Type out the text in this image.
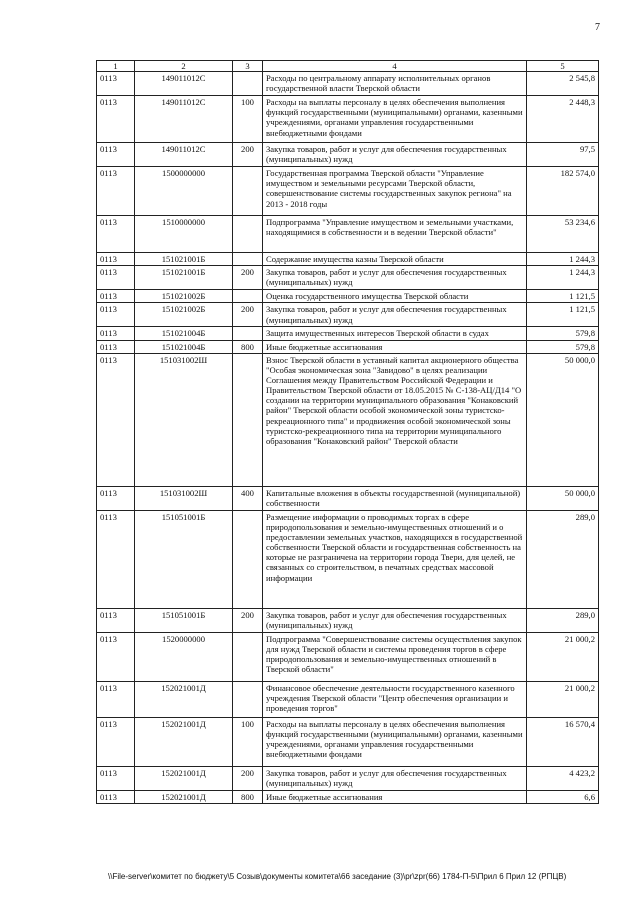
7
1	2	3	4	5
0113	149011012С		Расходы по центральному аппарату исполнительных органов государственной власти Тверской области	2 545,8
0113	149011012С	100	Расходы на выплаты персоналу в целях обеспечения выполнения функций государственными (муниципальными) органами, казенными учреждениями, органами управления государственными внебюджетными фондами	2 448,3
0113	149011012С	200	Закупка товаров, работ и услуг для обеспечения государственных (муниципальных) нужд	97,5
0113	1500000000		Государственная программа Тверской области "Управление имуществом и земельными ресурсами Тверской области, совершенствование системы государственных закупок региона" на 2013 - 2018 годы	182 574,0
0113	1510000000		Подпрограмма "Управление имуществом и земельными участками, находящимися в собственности и в ведении Тверской области"	53 234,6
0113	151021001Б		Содержание имущества казны Тверской области	1 244,3
0113	151021001Б	200	Закупка товаров, работ и услуг для обеспечения государственных (муниципальных) нужд	1 244,3
0113	151021002Б		Оценка государственного имущества Тверской области	1 121,5
0113	151021002Б	200	Закупка товаров, работ и услуг для обеспечения государственных (муниципальных) нужд	1 121,5
0113	151021004Б		Защита имущественных интересов Тверской области в судах	579,8
0113	151021004Б	800	Иные бюджетные ассигнования	579,8
0113	151031002Ш		Взнос Тверской области в уставный капитал акционерного общества "Особая экономическая зона "Завидово" в целях реализации Соглашения между Правительством Российской Федерации и Правительством Тверской области от 18.05.2015 № С-138-АЦ/Д14 "О создании на территории муниципального образования "Конаковский район" Тверской области особой экономической зоны туристско-рекреационного типа" и продвижения особой экономической зоны туристско-рекреационного типа на территории муниципального образования "Конаковский район" Тверской области	50 000,0
0113	151031002Ш	400	Капитальные вложения в объекты государственной (муниципальной) собственности	50 000,0
0113	151051001Б		Размещение информации о проводимых торгах в сфере природопользования и земельно-имущественных отношений и о предоставлении земельных участков, находящихся в государственной собственности Тверской области и государственная собственность на которые не разграничена на территории города Твери, для целей, не связанных со строительством, в печатных средствах массовой информации	289,0
0113	151051001Б	200	Закупка товаров, работ и услуг для обеспечения государственных (муниципальных) нужд	289,0
0113	1520000000		Подпрограмма "Совершенствование системы осуществления закупок для нужд Тверской области и системы проведения торгов в сфере природопользования и земельно-имущественных отношений в Тверской области"	21 000,2
0113	152021001Д		Финансовое обеспечение деятельности государственного казенного учреждения Тверской области "Центр обеспечения организации и проведения торгов"	21 000,2
0113	152021001Д	100	Расходы на выплаты персоналу в целях обеспечения выполнения функций государственными (муниципальными) органами, казенными учреждениями, органами управления государственными внебюджетными фондами	16 570,4
0113	152021001Д	200	Закупка товаров, работ и услуг для обеспечения государственных (муниципальных) нужд	4 423,2
0113	152021001Д	800	Иные бюджетные ассигнования	6,6
\\File-server\комитет по бюджету\5 Созыв\документы комитета\66 заседание (3)\pr\zpr(66) 1784-П-5\Прил 6 Прил 12 (РПЦВ)
